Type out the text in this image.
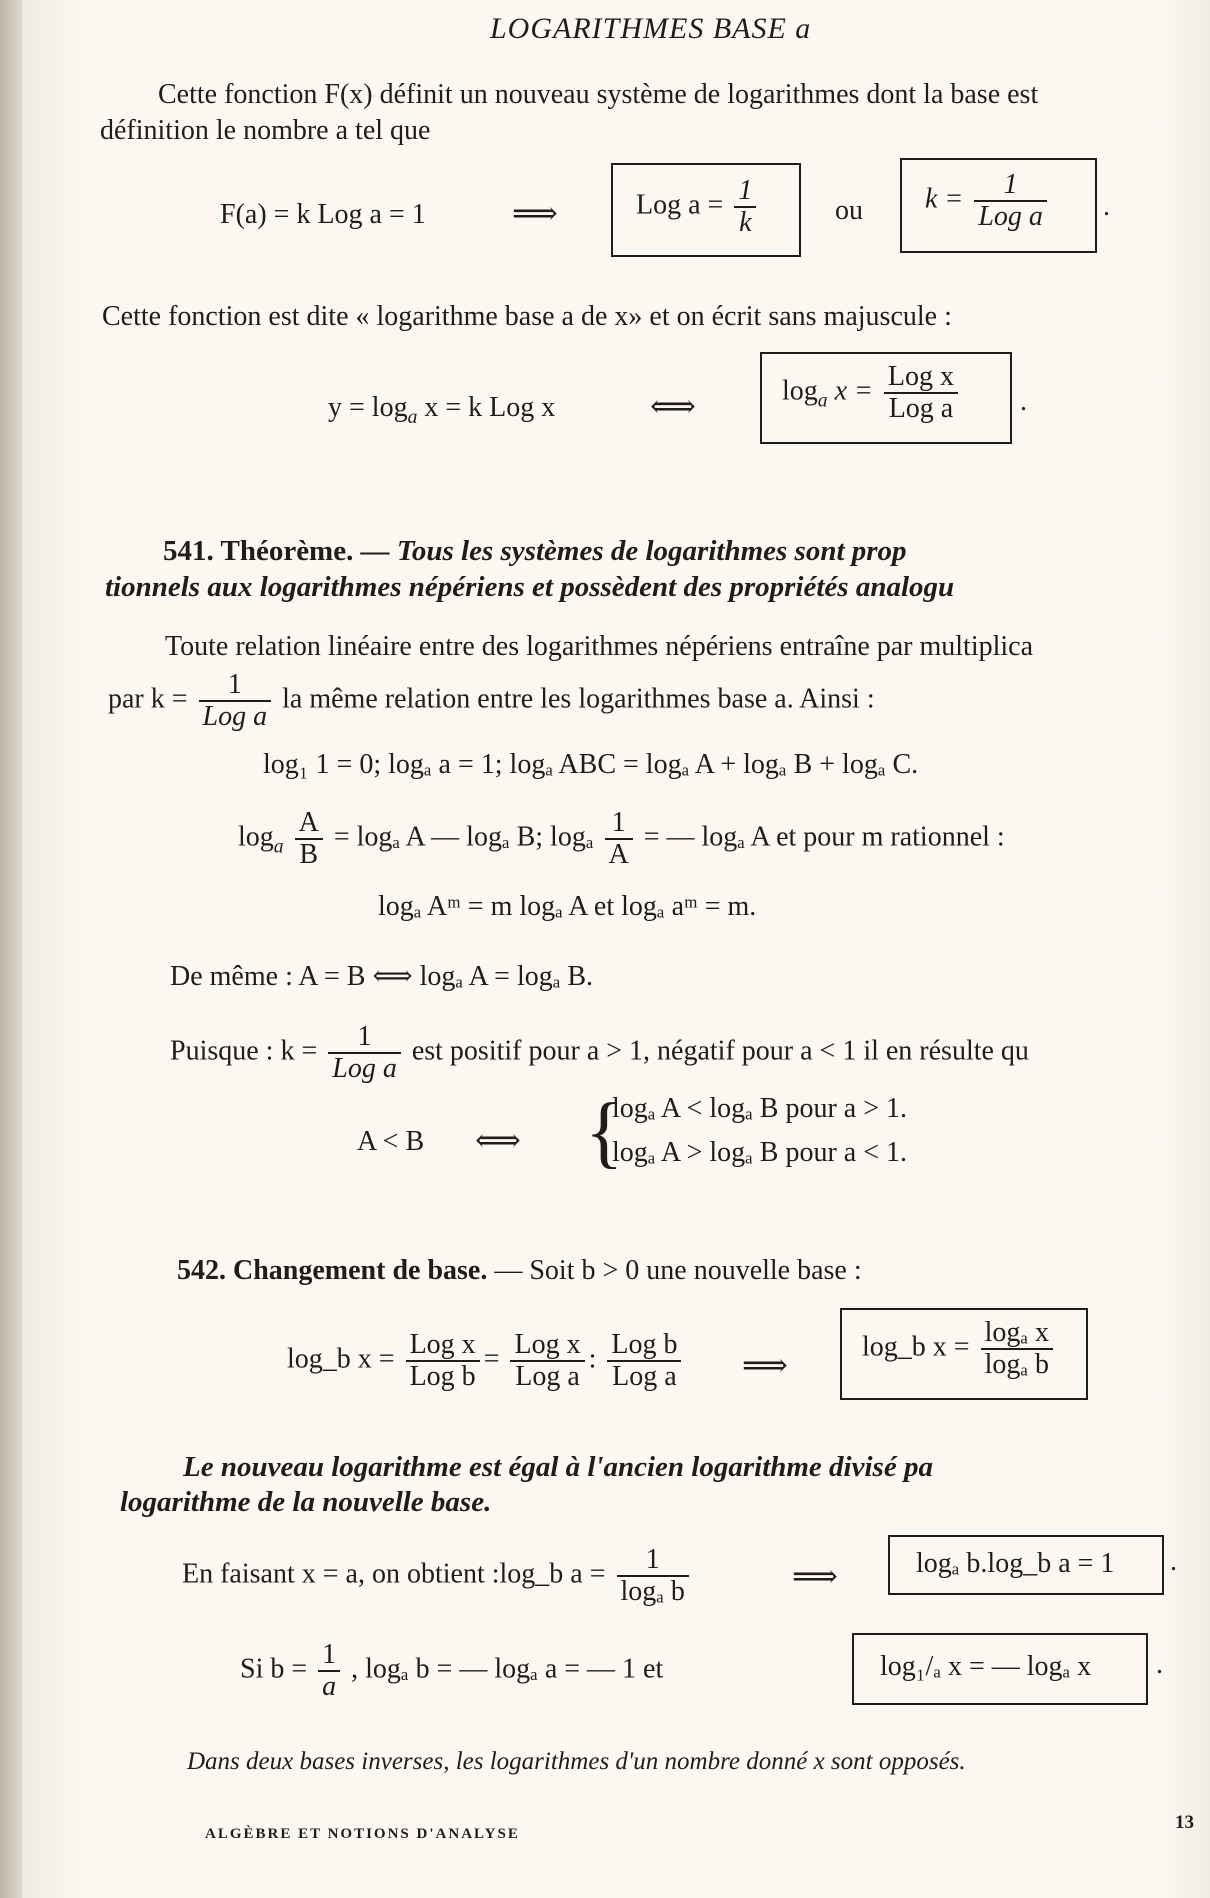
LOGARITHMES BASE a
Cette fonction F(x) définit un nouveau système de logarithmes dont la base est
définition le nombre a tel que
F(a) = k Log a = 1	⟹	Log $a = \frac{1}{k}$	ou $k = \frac{1}{\text{Log a}}$ .
Cette fonction est dite « logarithme base a de x» et on écrit sans majuscule :
$y = \log_a x = k$ Log x	⟺	$\log_a x = \frac{\text{Log x}}{\text{Log a}}$ .
541. Théorème. — Tous les systèmes de logarithmes sont prop
tionnels aux logarithmes népériens et possèdent des propriétés analogu
Toute relation linéaire entre des logarithmes népériens entraîne par multiplica
par $k = \frac{1}{\text{Log a}}$ la même relation entre les logarithmes base a. Ainsi :
log₁ 1 = 0; logₐ a = 1; logₐ ABC = logₐ A + logₐ B + logₐ C.
$\log_a \frac{A}{B} = \log_a$ A — logₐ B; logₐ $\frac{1}{A}$ = — logₐ A et pour m rationnel :
logₐ Aᵐ = m logₐ A et logₐ aᵐ = m.
De même : A = B ⟺ logₐ A = logₐ B.
Puisque : $k = \frac{1}{\text{Log a}}$ est positif pour a > 1, négatif pour a < 1 il en résulte qu
A < B ⟺ {
logₐ A < logₐ B pour a > 1.
logₐ A > logₐ B pour a < 1.
542. Changement de base. — Soit b > 0 une nouvelle base :
log_b $x = \frac{\text{Log x}}{\text{Log b}} = \frac{\text{Log x}}{\text{Log a}}$ : $\frac{\text{Log b}}{\text{Log a}}$ ⟹
log_b $x = \frac{\text{logₐ x}}{\text{logₐ b}}$
Le nouveau logarithme est égal à l'ancien logarithme divisé pa
logarithme de la nouvelle base.
En faisant x = a, on obtient :log_b $a = \frac{1}{\text{logₐ b}}$	⟹	logₐ b.log_b a = 1 .
Si $b = \frac{1}{a}$ , logₐ b = — logₐ a = — 1 et	log₁/ₐ x = — logₐ x .
Dans deux bases inverses, les logarithmes d'un nombre donné x sont opposés.
ALGÈBRE ET NOTIONS D'ANALYSE
13
